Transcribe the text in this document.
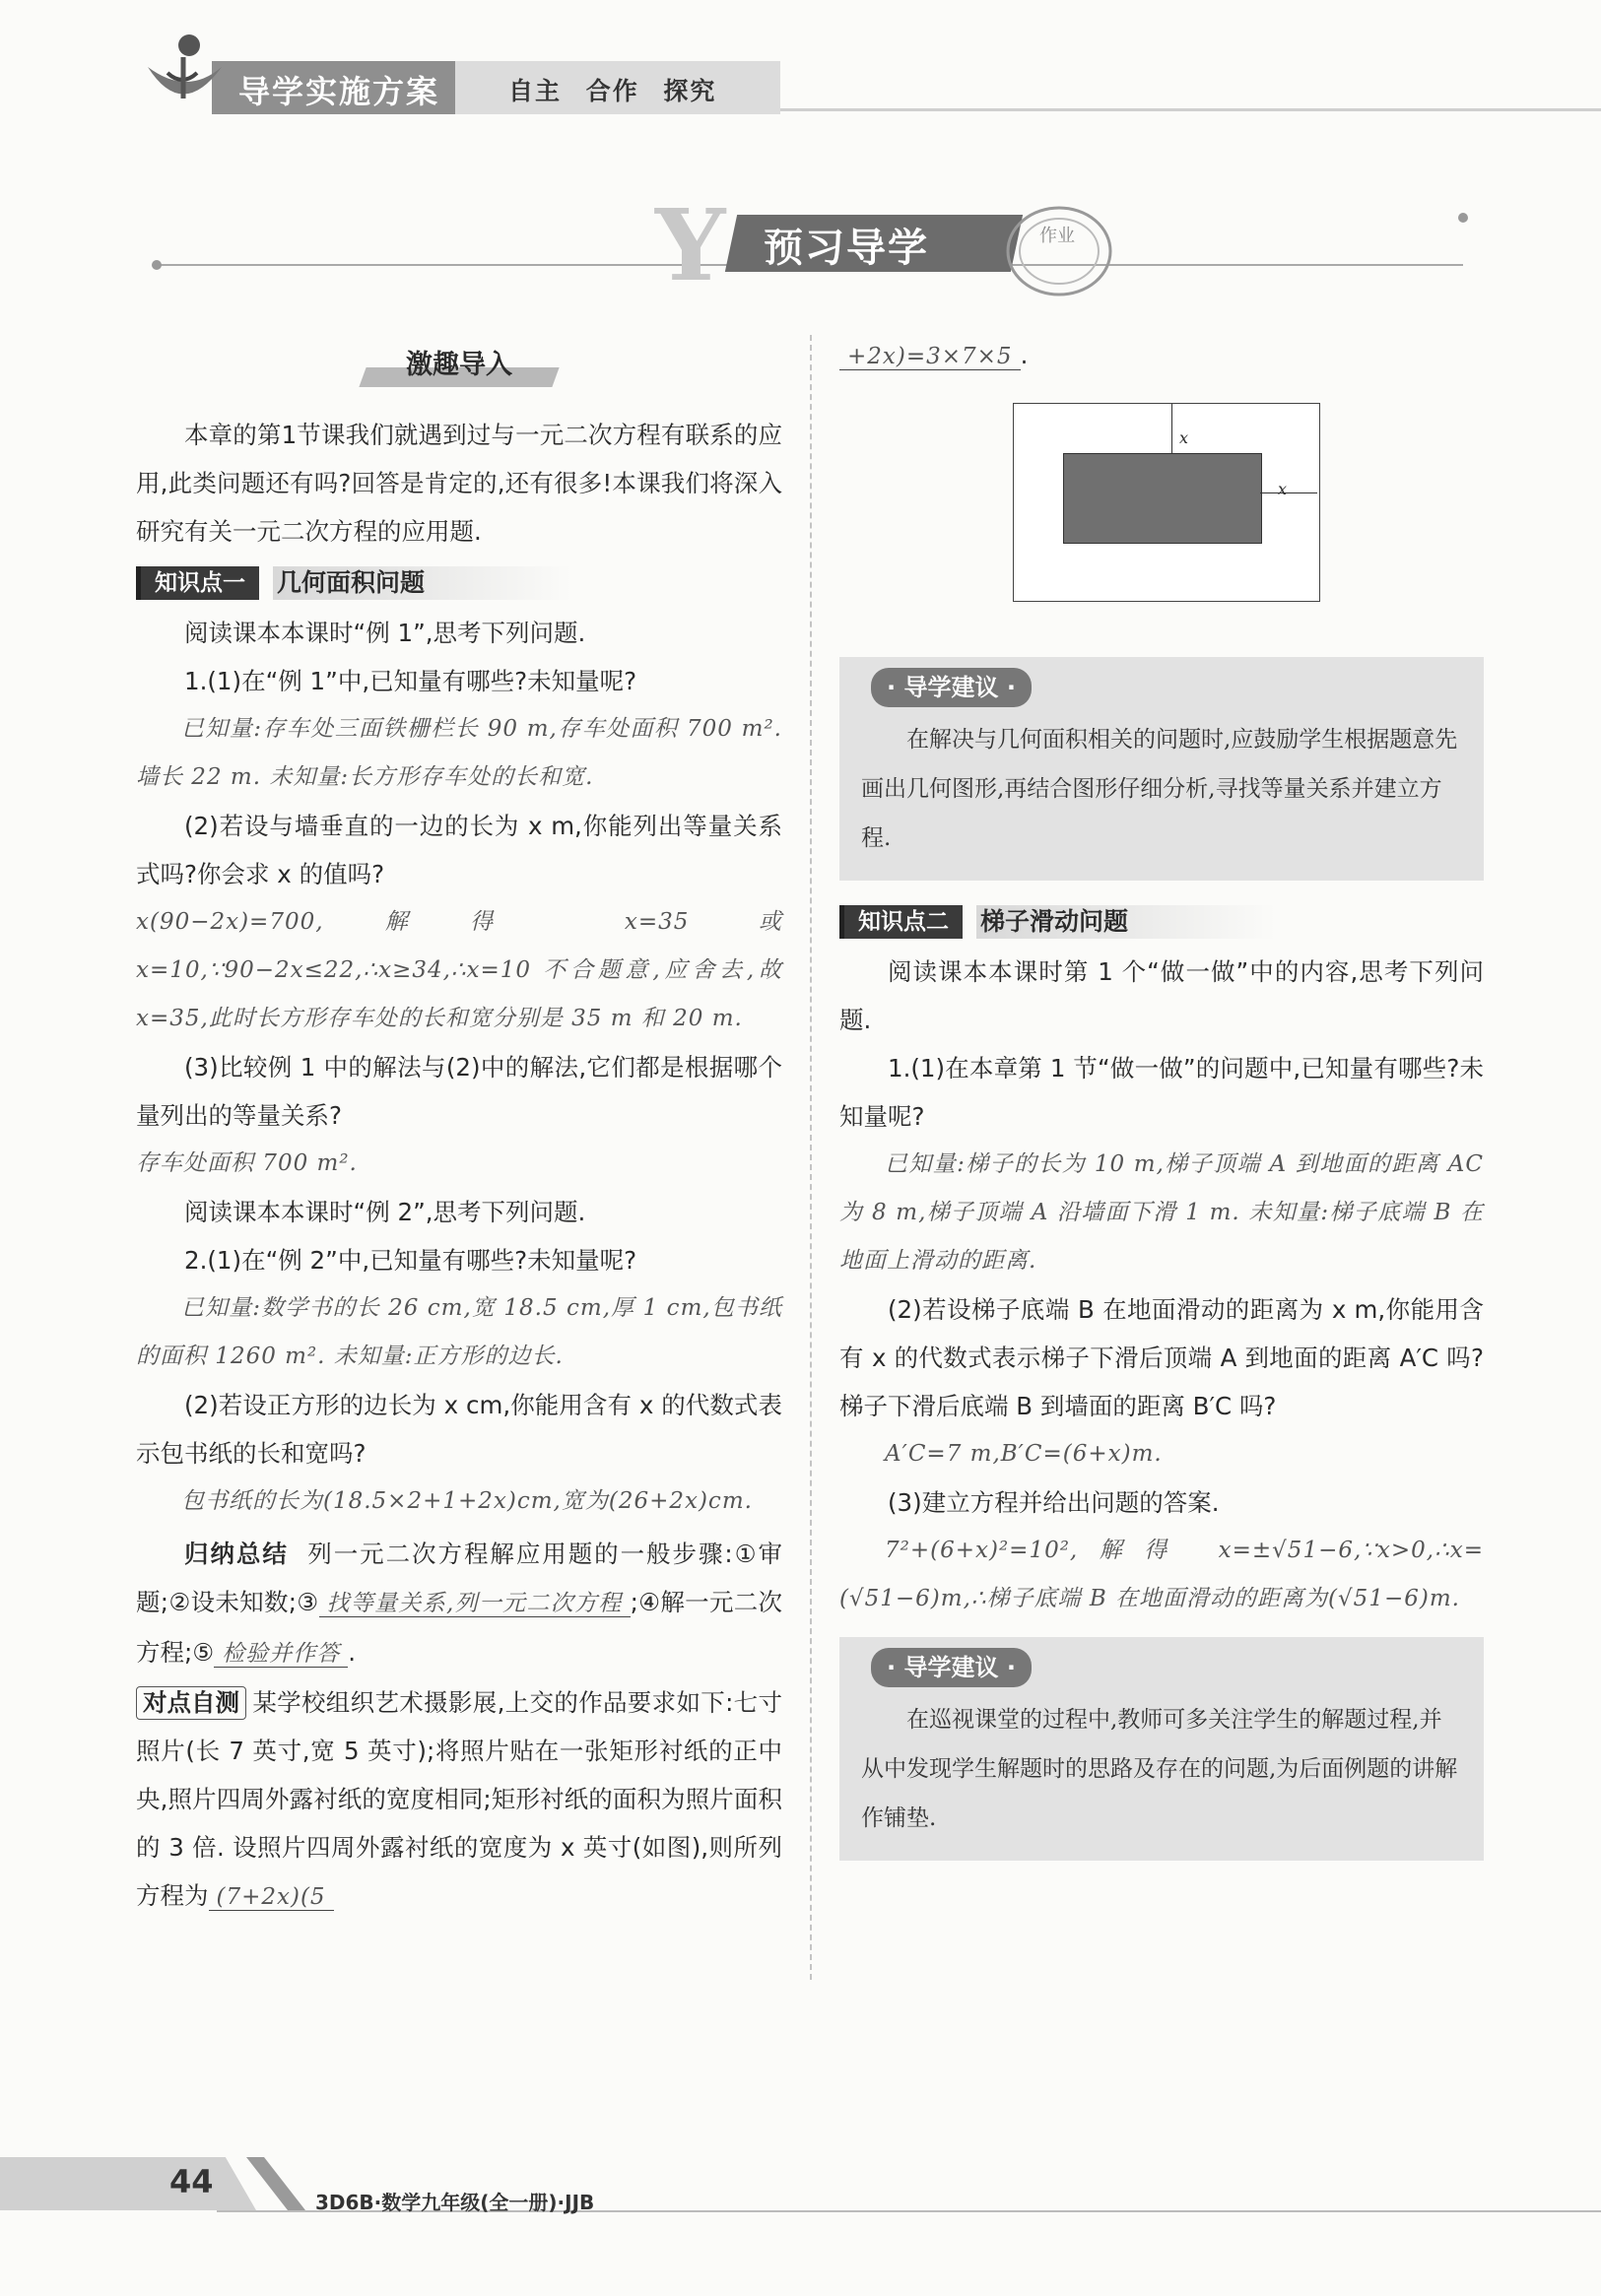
导学实施方案	自主 合作 探究
Y 预习导学	作业
激趣导入

本章的第1节课我们就遇到过与一元二次方程有联系的应用,此类问题还有吗?回答是肯定的,还有很多!本课我们将深入研究有关一元二次方程的应用题.

知识点一	几何面积问题

阅读课本本课时“例 1”,思考下列问题.

1.(1)在“例 1”中,已知量有哪些?未知量呢?

已知量:存车处三面铁栅栏长 90 m,存车处面积 700 m². 墙长 22 m. 未知量:长方形存车处的长和宽.

(2)若设与墙垂直的一边的长为 x m,你能列出等量关系式吗?你会求 x 的值吗?

x(90−2x)=700,解得 x=35 或 x=10,∵90−2x≤22,∴x≥34,∴x=10 不合题意,应舍去,故 x=35,此时长方形存车处的长和宽分别是 35 m 和 20 m.

(3)比较例 1 中的解法与(2)中的解法,它们都是根据哪个量列出的等量关系?

存车处面积 700 m².

阅读课本本课时“例 2”,思考下列问题.

2.(1)在“例 2”中,已知量有哪些?未知量呢?

已知量:数学书的长 26 cm,宽 18.5 cm,厚 1 cm,包书纸的面积 1260 m². 未知量:正方形的边长.

(2)若设正方形的边长为 x cm,你能用含有 x 的代数式表示包书纸的长和宽吗?

包书纸的长为(18.5×2+1+2x)cm,宽为(26+2x)cm.

归纳总结 列一元二次方程解应用题的一般步骤:①审题;②设未知数;③ 找等量关系,列一元二次方程 ;④解一元二次方程;⑤ 检验并作答 .

对点自测 某学校组织艺术摄影展,上交的作品要求如下:七寸照片(长 7 英寸,宽 5 英寸);将照片贴在一张矩形衬纸的正中央,照片四周外露衬纸的宽度相同;矩形衬纸的面积为照片面积的 3 倍. 设照片四周外露衬纸的宽度为 x 英寸(如图),则所列方程为 (7+2x)(5

+2x)=3×7×5 .

x
x
· 导学建议 ·

在解决与几何面积相关的问题时,应鼓励学生根据题意先画出几何图形,再结合图形仔细分析,寻找等量关系并建立方程.

知识点二	梯子滑动问题

阅读课本本课时第 1 个“做一做”中的内容,思考下列问题.

1.(1)在本章第 1 节“做一做”的问题中,已知量有哪些?未知量呢?

已知量:梯子的长为 10 m,梯子顶端 A 到地面的距离 AC 为 8 m,梯子顶端 A 沿墙面下滑 1 m. 未知量:梯子底端 B 在地面上滑动的距离.

(2)若设梯子底端 B 在地面滑动的距离为 x m,你能用含有 x 的代数式表示梯子下滑后顶端 A 到地面的距离 A′C 吗?梯子下滑后底端 B 到墙面的距离 B′C 吗?

A′C=7 m,B′C=(6+x)m.

(3)建立方程并给出问题的答案.

7²+(6+x)²=10²,解得 x=±√51−6,∵x>0,∴x=(√51−6)m,∴梯子底端 B 在地面滑动的距离为(√51−6)m.

· 导学建议 ·

在巡视课堂的过程中,教师可多关注学生的解题过程,并从中发现学生解题时的思路及存在的问题,为后面例题的讲解作铺垫.

44
3D6B·数学九年级(全一册)·JJB
